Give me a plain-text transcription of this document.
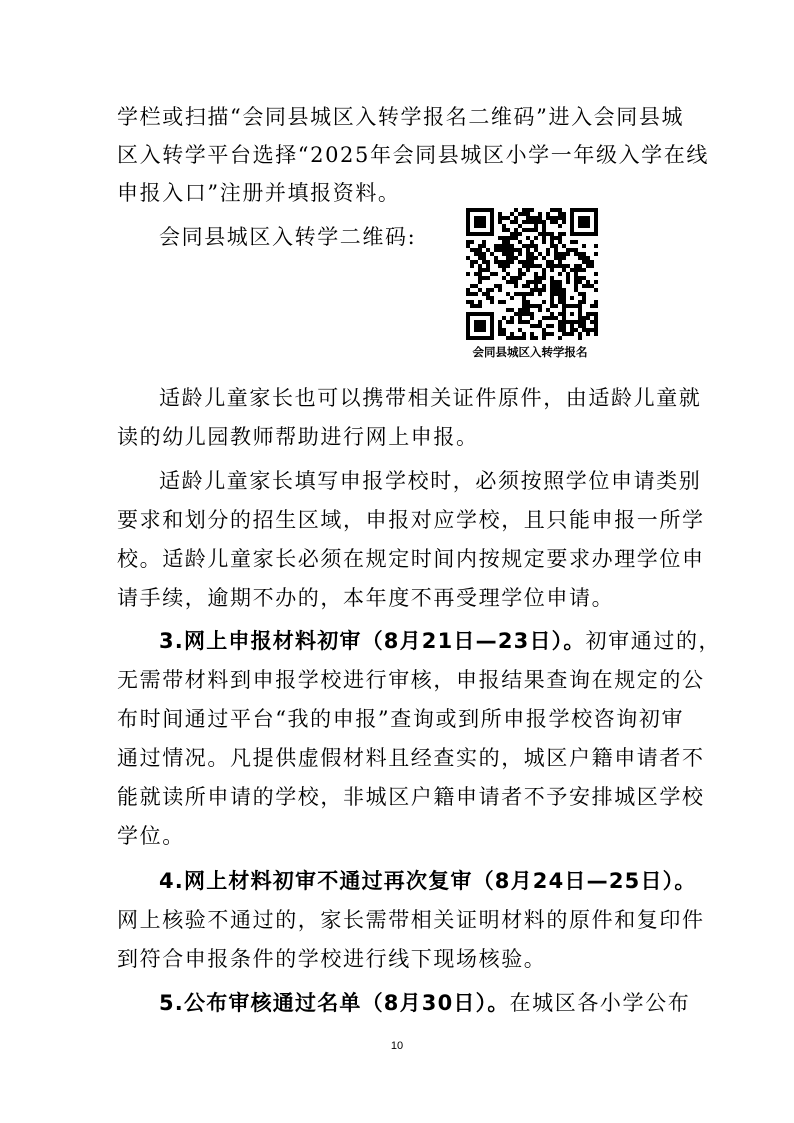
学栏或扫描“会同县城区入转学报名二维码”进入会同县城
区入转学平台选择“2025年会同县城区小学一年级入学在线
申报入口”注册并填报资料。
会同县城区入转学二维码:
会同县城区入转学报名
适龄儿童家长也可以携带相关证件原件，由适龄儿童就
读的幼儿园教师帮助进行网上申报。
适龄儿童家长填写申报学校时，必须按照学位申请类别
要求和划分的招生区域，申报对应学校，且只能申报一所学
校。适龄儿童家长必须在规定时间内按规定要求办理学位申
请手续，逾期不办的，本年度不再受理学位申请。
3.网上申报材料初审（8月21日—23日）。初审通过的，
无需带材料到申报学校进行审核，申报结果查询在规定的公
布时间通过平台“我的申报”查询或到所申报学校咨询初审
通过情况。凡提供虚假材料且经查实的，城区户籍申请者不
能就读所申请的学校，非城区户籍申请者不予安排城区学校
学位。
4.网上材料初审不通过再次复审（8月24日—25日）。
网上核验不通过的，家长需带相关证明材料的原件和复印件
到符合申报条件的学校进行线下现场核验。
5.公布审核通过名单（8月30日）。在城区各小学公布
10
